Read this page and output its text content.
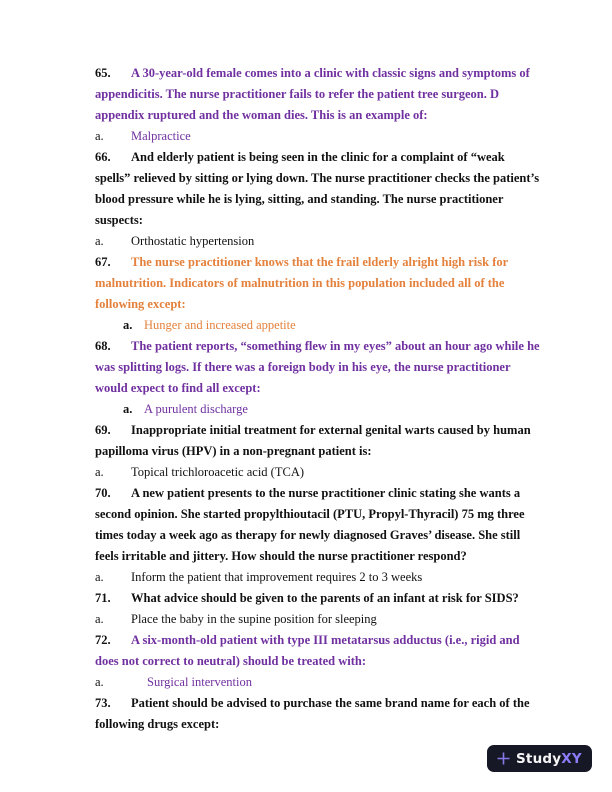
65. A 30-year-old female comes into a clinic with classic signs and symptoms of appendicitis. The nurse practitioner fails to refer the patient tree surgeon. D appendix ruptured and the woman dies. This is an example of:

a. Malpractice

66. And elderly patient is being seen in the clinic for a complaint of “weak spells” relieved by sitting or lying down. The nurse practitioner checks the patient’s blood pressure while he is lying, sitting, and standing. The nurse practitioner suspects:

a. Orthostatic hypertension

67. The nurse practitioner knows that the frail elderly alright high risk for malnutrition. Indicators of malnutrition in this population included all of the following except:

a. Hunger and increased appetite

68. The patient reports, “something flew in my eyes” about an hour ago while he was splitting logs. If there was a foreign body in his eye, the nurse practitioner would expect to find all except:

a. A purulent discharge

69. Inappropriate initial treatment for external genital warts caused by human papilloma virus (HPV) in a non-pregnant patient is:

a. Topical trichloroacetic acid (TCA)

70. A new patient presents to the nurse practitioner clinic stating she wants a second opinion. She started propylthioutacil (PTU, Propyl-Thyracil) 75 mg three times today a week ago as therapy for newly diagnosed Graves’ disease. She still feels irritable and jittery. How should the nurse practitioner respond?

a. Inform the patient that improvement requires 2 to 3 weeks

71. What advice should be given to the parents of an infant at risk for SIDS?

a. Place the baby in the supine position for sleeping

72. A six-month-old patient with type III metatarsus adductus (i.e., rigid and does not correct to neutral) should be treated with:

a.	Surgical intervention

73. Patient should be advised to purchase the same brand name for each of the following drugs except:

StudyXY
